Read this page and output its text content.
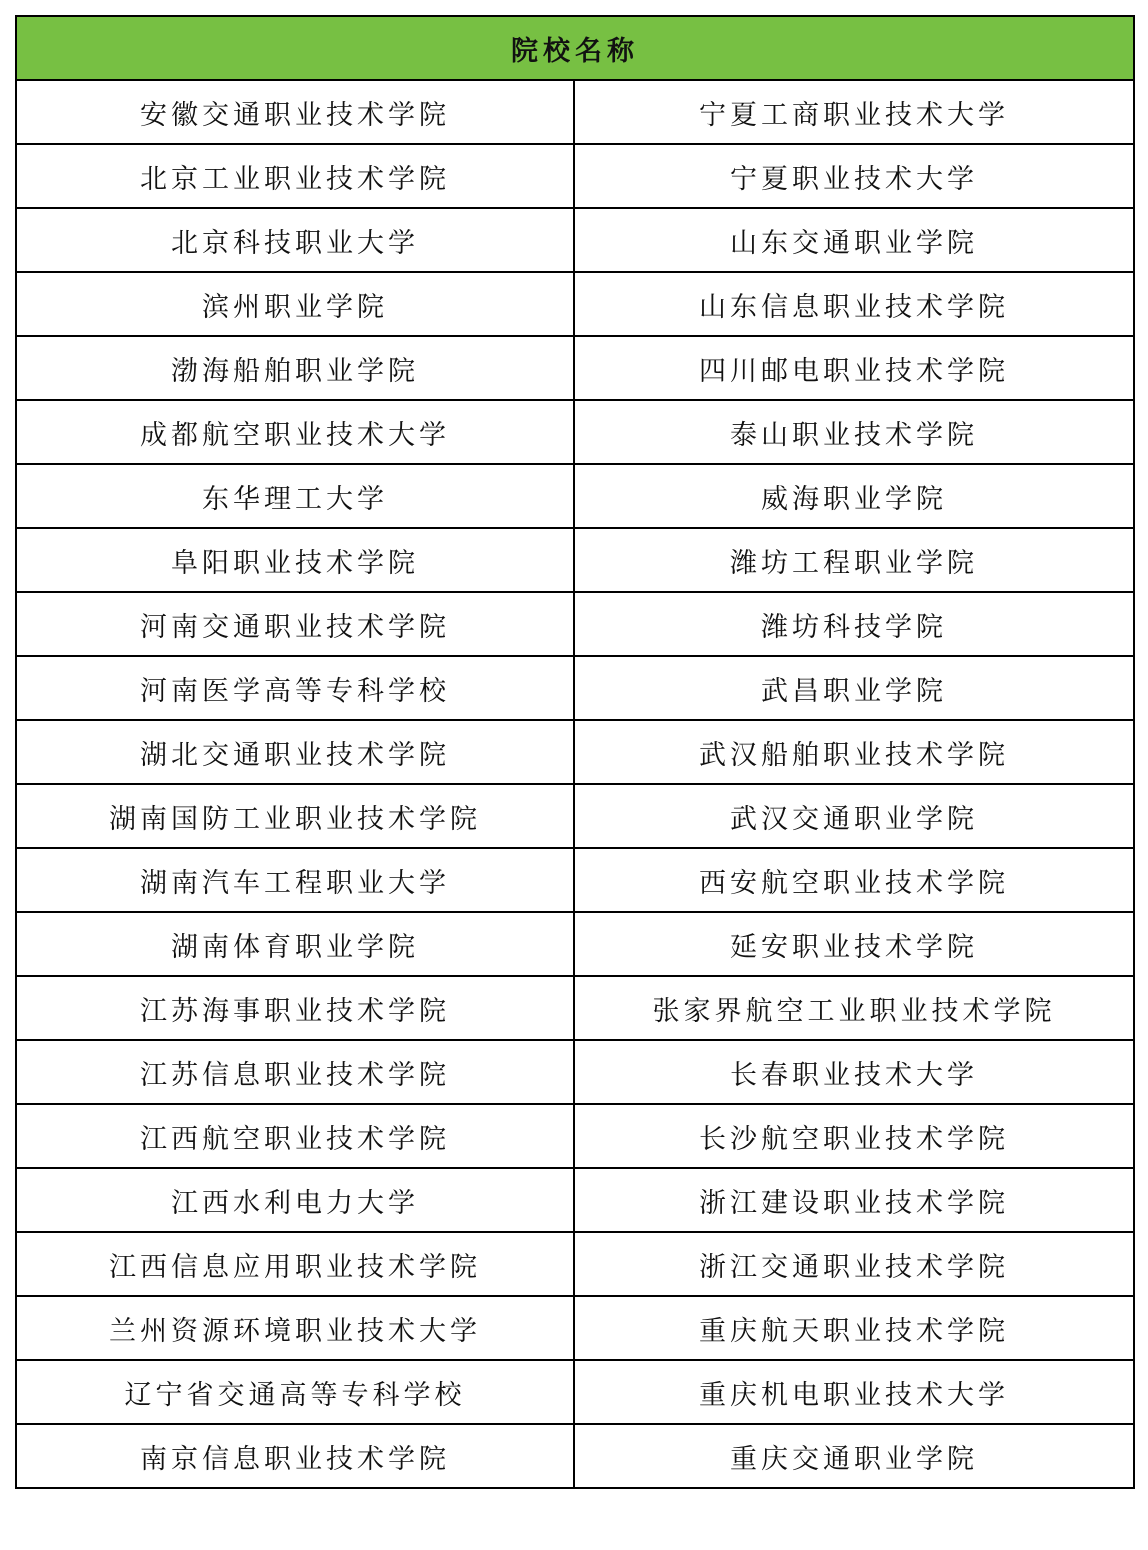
院校名称	
安徽交通职业技术学院	宁夏工商职业技术大学
北京工业职业技术学院	宁夏职业技术大学
北京科技职业大学	山东交通职业学院
滨州职业学院	山东信息职业技术学院
渤海船舶职业学院	四川邮电职业技术学院
成都航空职业技术大学	泰山职业技术学院
东华理工大学	威海职业学院
阜阳职业技术学院	潍坊工程职业学院
河南交通职业技术学院	潍坊科技学院
河南医学高等专科学校	武昌职业学院
湖北交通职业技术学院	武汉船舶职业技术学院
湖南国防工业职业技术学院	武汉交通职业学院
湖南汽车工程职业大学	西安航空职业技术学院
湖南体育职业学院	延安职业技术学院
江苏海事职业技术学院	张家界航空工业职业技术学院
江苏信息职业技术学院	长春职业技术大学
江西航空职业技术学院	长沙航空职业技术学院
江西水利电力大学	浙江建设职业技术学院
江西信息应用职业技术学院	浙江交通职业技术学院
兰州资源环境职业技术大学	重庆航天职业技术学院
辽宁省交通高等专科学校	重庆机电职业技术大学
南京信息职业技术学院	重庆交通职业学院
